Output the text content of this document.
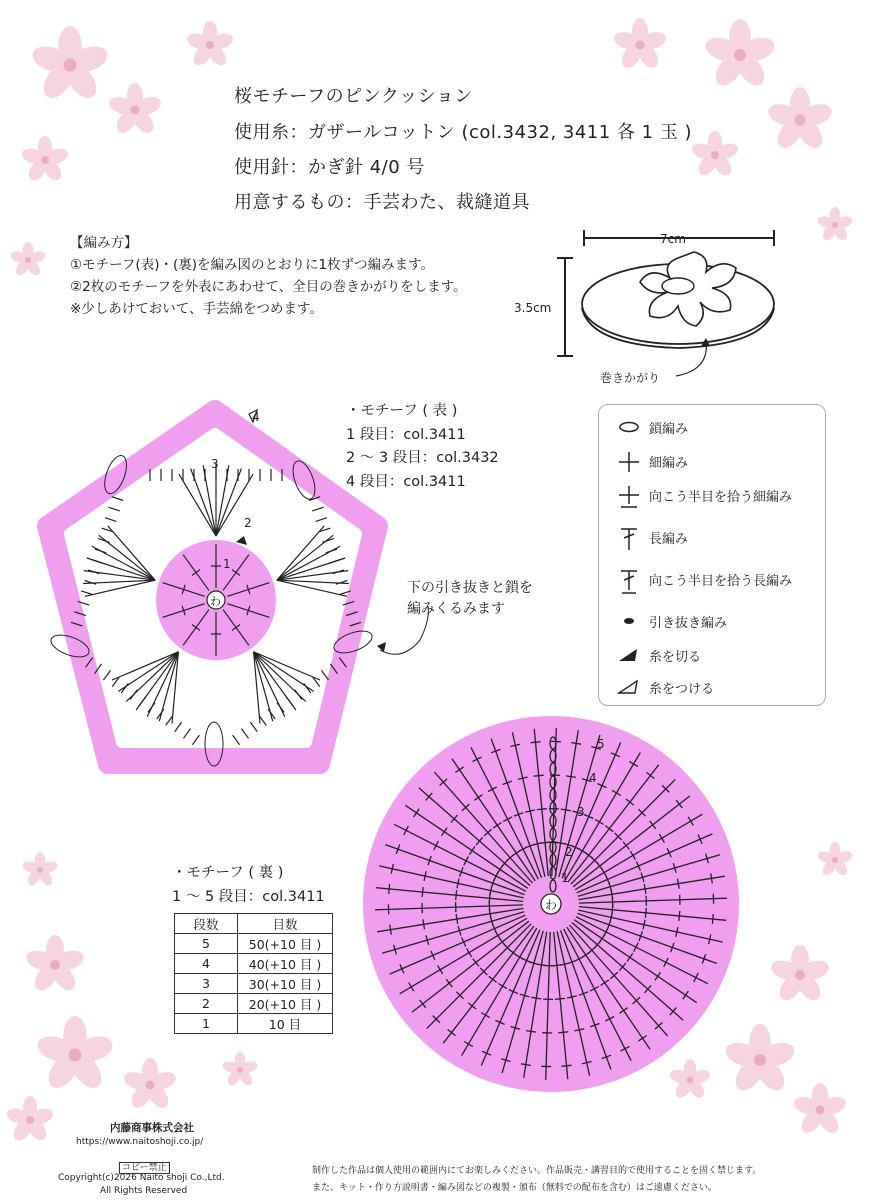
桜モチーフのピンクッション
使用糸：ガザールコットン (col.3432, 3411 各 1 玉 )
使用針：かぎ針 4/0 号
用意するもの：手芸わた、裁縫道具
【編み方】
①モチーフ(表)・(裏)を編み図のとおりに1枚ずつ編みます。
②2枚のモチーフを外表にあわせて、全目の巻きかがりをします。
※少しあけておいて、手芸綿をつめます。
7cm
3.5cm
巻きかがり
・モチーフ ( 表 )
1 段目：col.3411
2 ～ 3 段目：col.3432
4 段目：col.3411
下の引き抜きと鎖を
編みくるみます
わ
1
2
3
4
鎖編み
細編み
向こう半目を拾う細編み
長編み
向こう半目を拾う長編み
引き抜き編み
糸を切る
糸をつける
わ
1
2
3
4
5
・モチーフ ( 裏 )
1 ～ 5 段目：col.3411
段数	目数
5	50(+10 目 )
4	40(+10 目 )
3	30(+10 目 )
2	20(+10 目 )
1	10 目
内藤商事株式会社
https://www.naitoshoji.co.jp/
コピー禁止
Copyright(c)2026 Naito shoji Co.,Ltd.
All Rights Reserved
制作した作品は個人使用の範囲内にてお楽しみください。作品販売・講習目的で使用することを固く禁じます。
また、キット・作り方説明書・編み図などの複製・頒布（無料での配布を含む）はご遠慮ください。
